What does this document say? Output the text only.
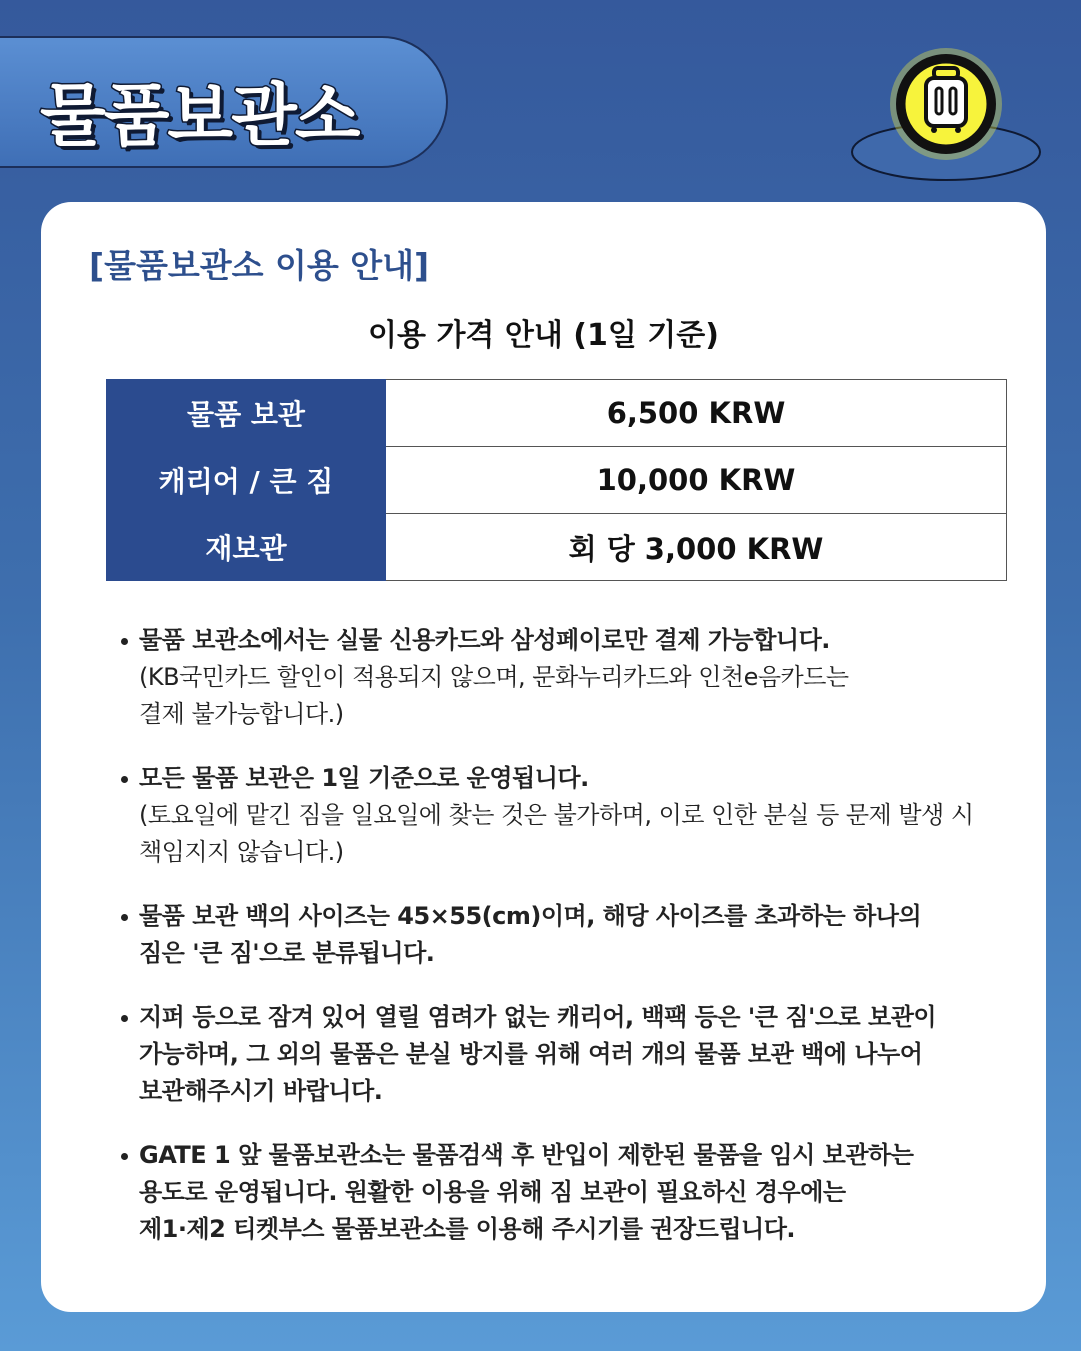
물품보관소
[물품보관소 이용 안내]
이용 가격 안내 (1일 기준)
물품 보관	6,500 KRW
캐리어 / 큰 짐	10,000 KRW
재보관	회 당 3,000 KRW
물품 보관소에서는 실물 신용카드와 삼성페이로만 결제 가능합니다.
(KB국민카드 할인이 적용되지 않으며, 문화누리카드와 인천e음카드는
결제 불가능합니다.)
모든 물품 보관은 1일 기준으로 운영됩니다.
(토요일에 맡긴 짐을 일요일에 찾는 것은 불가하며, 이로 인한 분실 등 문제 발생 시
책임지지 않습니다.)
물품 보관 백의 사이즈는 45×55(cm)이며, 해당 사이즈를 초과하는 하나의
짐은 '큰 짐'으로 분류됩니다.
지퍼 등으로 잠겨 있어 열릴 염려가 없는 캐리어, 백팩 등은 '큰 짐'으로 보관이
가능하며, 그 외의 물품은 분실 방지를 위해 여러 개의 물품 보관 백에 나누어
보관해주시기 바랍니다.
GATE 1 앞 물품보관소는 물품검색 후 반입이 제한된 물품을 임시 보관하는
용도로 운영됩니다. 원활한 이용을 위해 짐 보관이 필요하신 경우에는
제1·제2 티켓부스 물품보관소를 이용해 주시기를 권장드립니다.
